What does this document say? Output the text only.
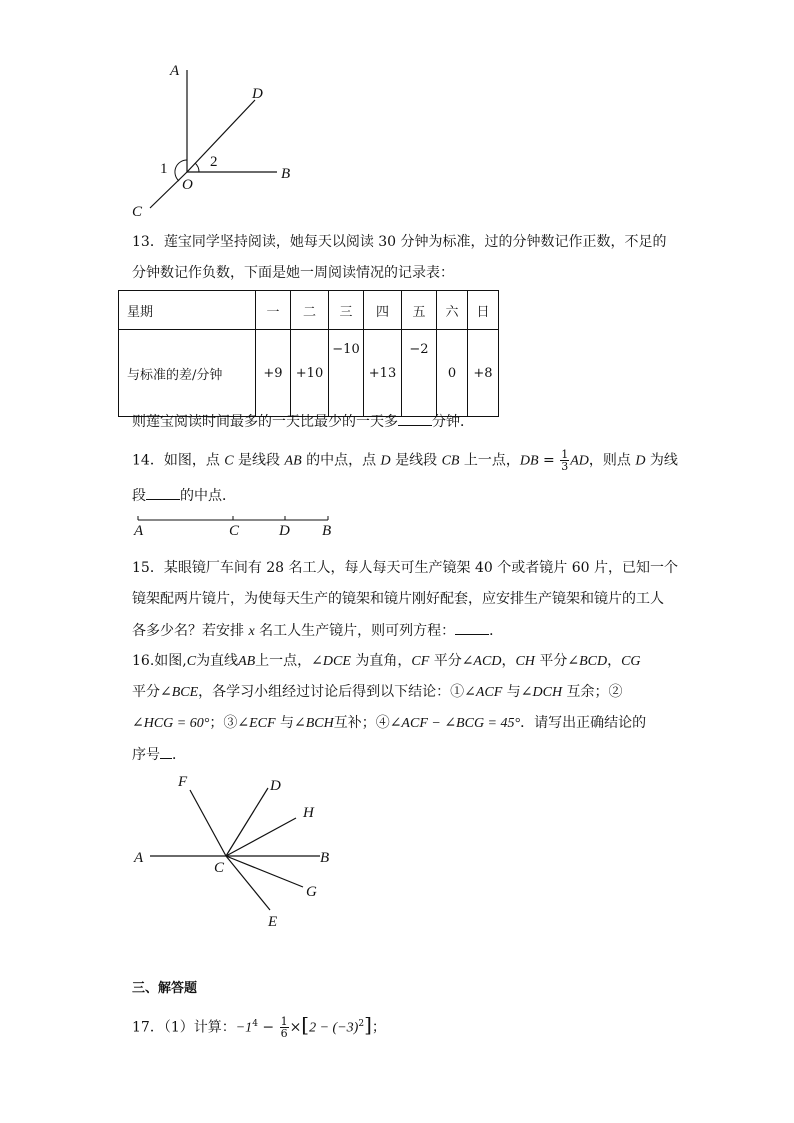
A
D
B
C
O
1	2
13．莲宝同学坚持阅读，她每天以阅读 30 分钟为标准，过的分钟数记作正数，不足的
分钟数记作负数，下面是她一周阅读情况的记录表：
星期	一	二	三	四	五	六	日
与标准的差/分钟	+9	+10	−10	+13	−2	0	+8
则莲宝阅读时间最多的一天比最少的一天多 分钟．
14．如图，点 C 是线段 AB 的中点，点 D 是线段 CB 上一点，DB = $\frac{1}{3}$ AD，则点 D 为线
段 的中点．
A	C	D B
15．某眼镜厂车间有 28 名工人，每人每天可生产镜架 40 个或者镜片 60 片，已知一个
镜架配两片镜片，为使每天生产的镜架和镜片刚好配套，应安排生产镜架和镜片的工人
各多少名？若安排 x 名工人生产镜片，则可列方程： ．
16.如图,C为直线AB上一点，∠DCE 为直角，CF 平分∠ACD，CH 平分∠BCD，CG
平分∠BCE，各学习小组经过讨论后得到以下结论：①∠ACF 与∠DCH 互余；②
∠HCG = 60°；③∠ECF 与∠BCH互补；④∠ACF − ∠BCG = 45°．请写出正确结论的
序号 ．
F	D
H
A
C
B
G
E
三、解答题
17．（1）计算：$-1^4 - \frac{1}{6} \times[2 - (-3)^2]$；
